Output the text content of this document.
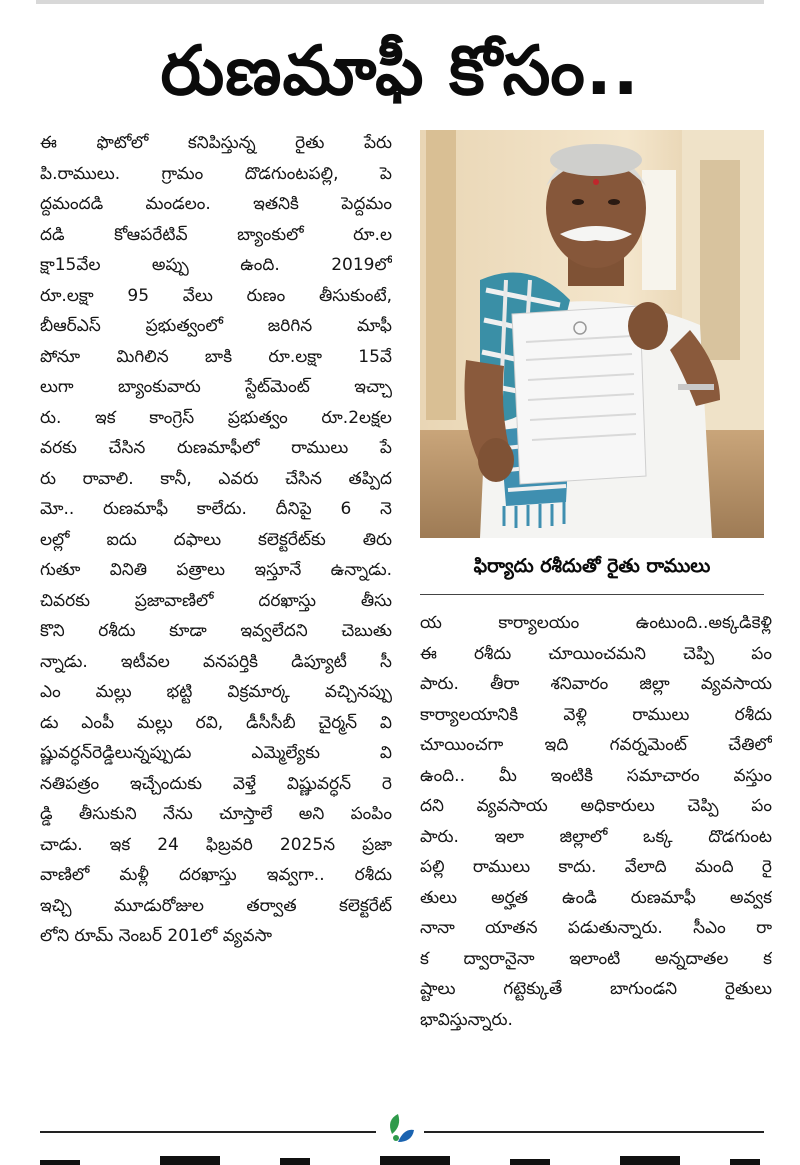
రుణమాఫీ కోసం..
ఈ ఫొటోలో కనిపిస్తున్న రైతు పేరు
పి.రాములు. గ్రామం దొడగుంటపల్లి, పె
ద్దమందడి మండలం. ఇతనికి పెద్దమం
దడి కోఆపరేటివ్ బ్యాంకులో రూ.ల
క్షా15వేల అప్పు ఉంది. 2019లో
రూ.లక్షా 95 వేలు రుణం తీసుకుంటే,
బీఆర్‌ఎస్ ప్రభుత్వంలో జరిగిన మాఫీ
పోనూ మిగిలిన బాకి రూ.లక్షా 15వే
లుగా బ్యాంకువారు స్టేట్‌మెంట్ ఇచ్చా
రు. ఇక కాంగ్రెస్ ప్రభుత్వం రూ.2లక్షల
వరకు చేసిన రుణమాఫీలో రాములు పే
రు రావాలి. కానీ, ఎవరు చేసిన తప్పిద
మో.. రుణమాఫీ కాలేదు. దీనిపై 6 నె
లల్లో ఐదు దఫాలు కలెక్టరేట్‌కు తిరు
గుతూ వినితి పత్రాలు ఇస్తూనే ఉన్నాడు.
చివరకు ప్రజావాణిలో దరఖాస్తు తీసు
కొని రశీదు కూడా ఇవ్వలేదని చెబుతు
న్నాడు. ఇటీవల వనపర్తికి డిప్యూటీ సీ
ఎం మల్లు భట్టి విక్రమార్క వచ్చినప్పు
డు ఎంపీ మల్లు రవి, డీసీసీబీ చైర్మన్ వి
ష్ణువర్ధన్‌రెడ్డిలున్నప్పుడు ఎమ్మెల్యేకు వి
నతిపత్రం ఇచ్చేందుకు వెళ్తే విష్ణువర్ధన్ రె
డ్డి తీసుకుని నేను చూస్తాలే అని పంపిం
చాడు. ఇక 24 ఫిబ్రవరి 2025న ప్రజా
వాణిలో మళ్లీ దరఖాస్తు ఇవ్వగా.. రశీదు
ఇచ్చి మూడురోజుల తర్వాత కలెక్టరేట్
లోని రూమ్ నెంబర్ 201లో వ్యవసా
ఫిర్యాదు రశీదుతో రైతు రాములు
య కార్యాలయం ఉంటుంది..అక్కడికెళ్లి
ఈ రశీదు చూయించమని చెప్పి పం
పారు. తీరా శనివారం జిల్లా వ్యవసాయ
కార్యాలయానికి వెళ్లి రాములు రశీదు
చూయించగా ఇది గవర్నమెంట్ చేతిలో
ఉంది.. మీ ఇంటికి సమాచారం వస్తుం
దని వ్యవసాయ అధికారులు చెప్పి పం
పారు. ఇలా జిల్లాలో ఒక్క దొడగుంట
పల్లి రాములు కాదు. వేలాది మంది రై
తులు అర్హత ఉండి రుణమాఫీ అవ్వక
నానా యాతన పడుతున్నారు. సీఎం రా
క ద్వారానైనా ఇలాంటి అన్నదాతల క
ష్టాలు గట్టెక్కుతే బాగుండని రైతులు
భావిస్తున్నారు.
